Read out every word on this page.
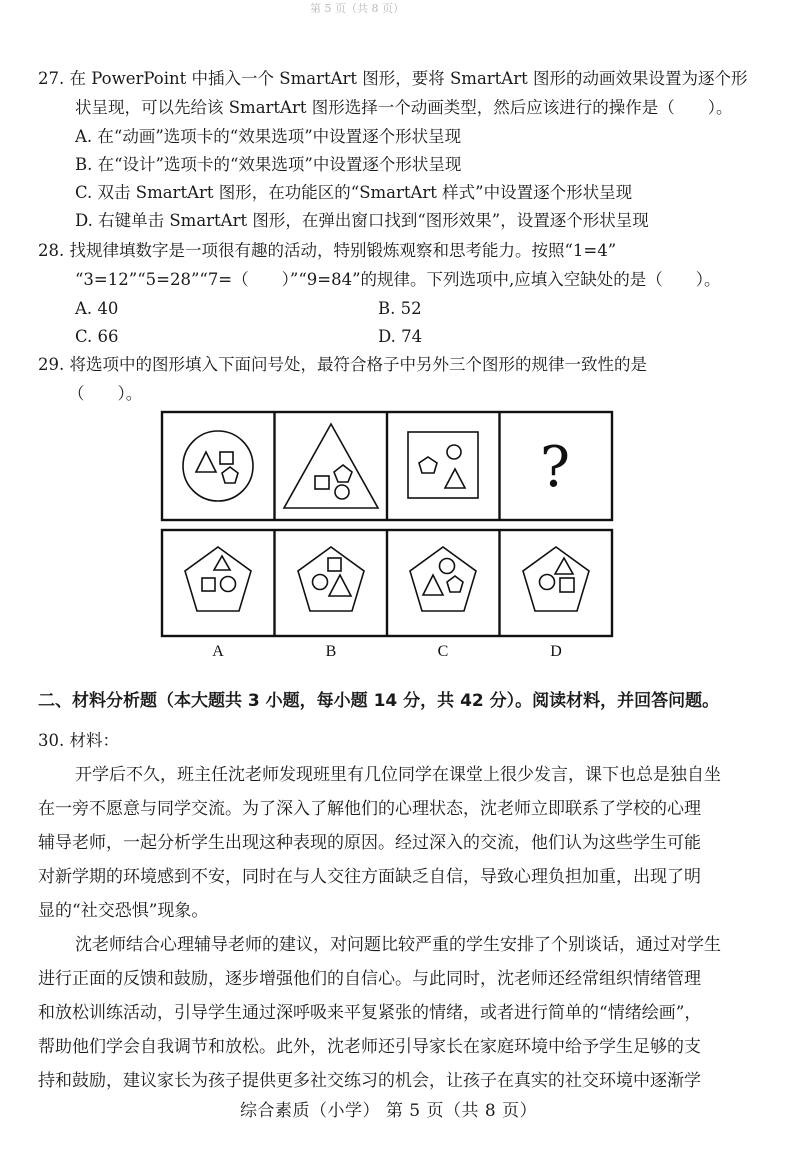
第 5 页（共 8 页）
27. 在 PowerPoint 中插入一个 SmartArt 图形，要将 SmartArt 图形的动画效果设置为逐个形
状呈现，可以先给该 SmartArt 图形选择一个动画类型，然后应该进行的操作是（　　）。
A. 在“动画”选项卡的“效果选项”中设置逐个形状呈现
B. 在“设计”选项卡的“效果选项”中设置逐个形状呈现
C. 双击 SmartArt 图形，在功能区的“SmartArt 样式”中设置逐个形状呈现
D. 右键单击 SmartArt 图形，在弹出窗口找到“图形效果”，设置逐个形状呈现
28. 找规律填数字是一项很有趣的活动，特别锻炼观察和思考能力。按照“1=4”
“3=12”“5=28”“7=（　　）”“9=84”的规律。下列选项中,应填入空缺处的是（　　）。
A. 40	B. 52
C. 66	D. 74
29. 将选项中的图形填入下面问号处，最符合格子中另外三个图形的规律一致性的是
（　　）。
?
A	B	C	D
二、材料分析题（本大题共 3 小题，每小题 14 分，共 42 分）。阅读材料，并回答问题。
30. 材料：
开学后不久，班主任沈老师发现班里有几位同学在课堂上很少发言，课下也总是独自坐
在一旁不愿意与同学交流。为了深入了解他们的心理状态，沈老师立即联系了学校的心理
辅导老师，一起分析学生出现这种表现的原因。经过深入的交流，他们认为这些学生可能
对新学期的环境感到不安，同时在与人交往方面缺乏自信，导致心理负担加重，出现了明
显的“社交恐惧”现象。
沈老师结合心理辅导老师的建议，对问题比较严重的学生安排了个别谈话，通过对学生
进行正面的反馈和鼓励，逐步增强他们的自信心。与此同时，沈老师还经常组织情绪管理
和放松训练活动，引导学生通过深呼吸来平复紧张的情绪，或者进行简单的“情绪绘画”，
帮助他们学会自我调节和放松。此外，沈老师还引导家长在家庭环境中给予学生足够的支
持和鼓励，建议家长为孩子提供更多社交练习的机会，让孩子在真实的社交环境中逐渐学
综合素质（小学） 第 5 页（共 8 页）
